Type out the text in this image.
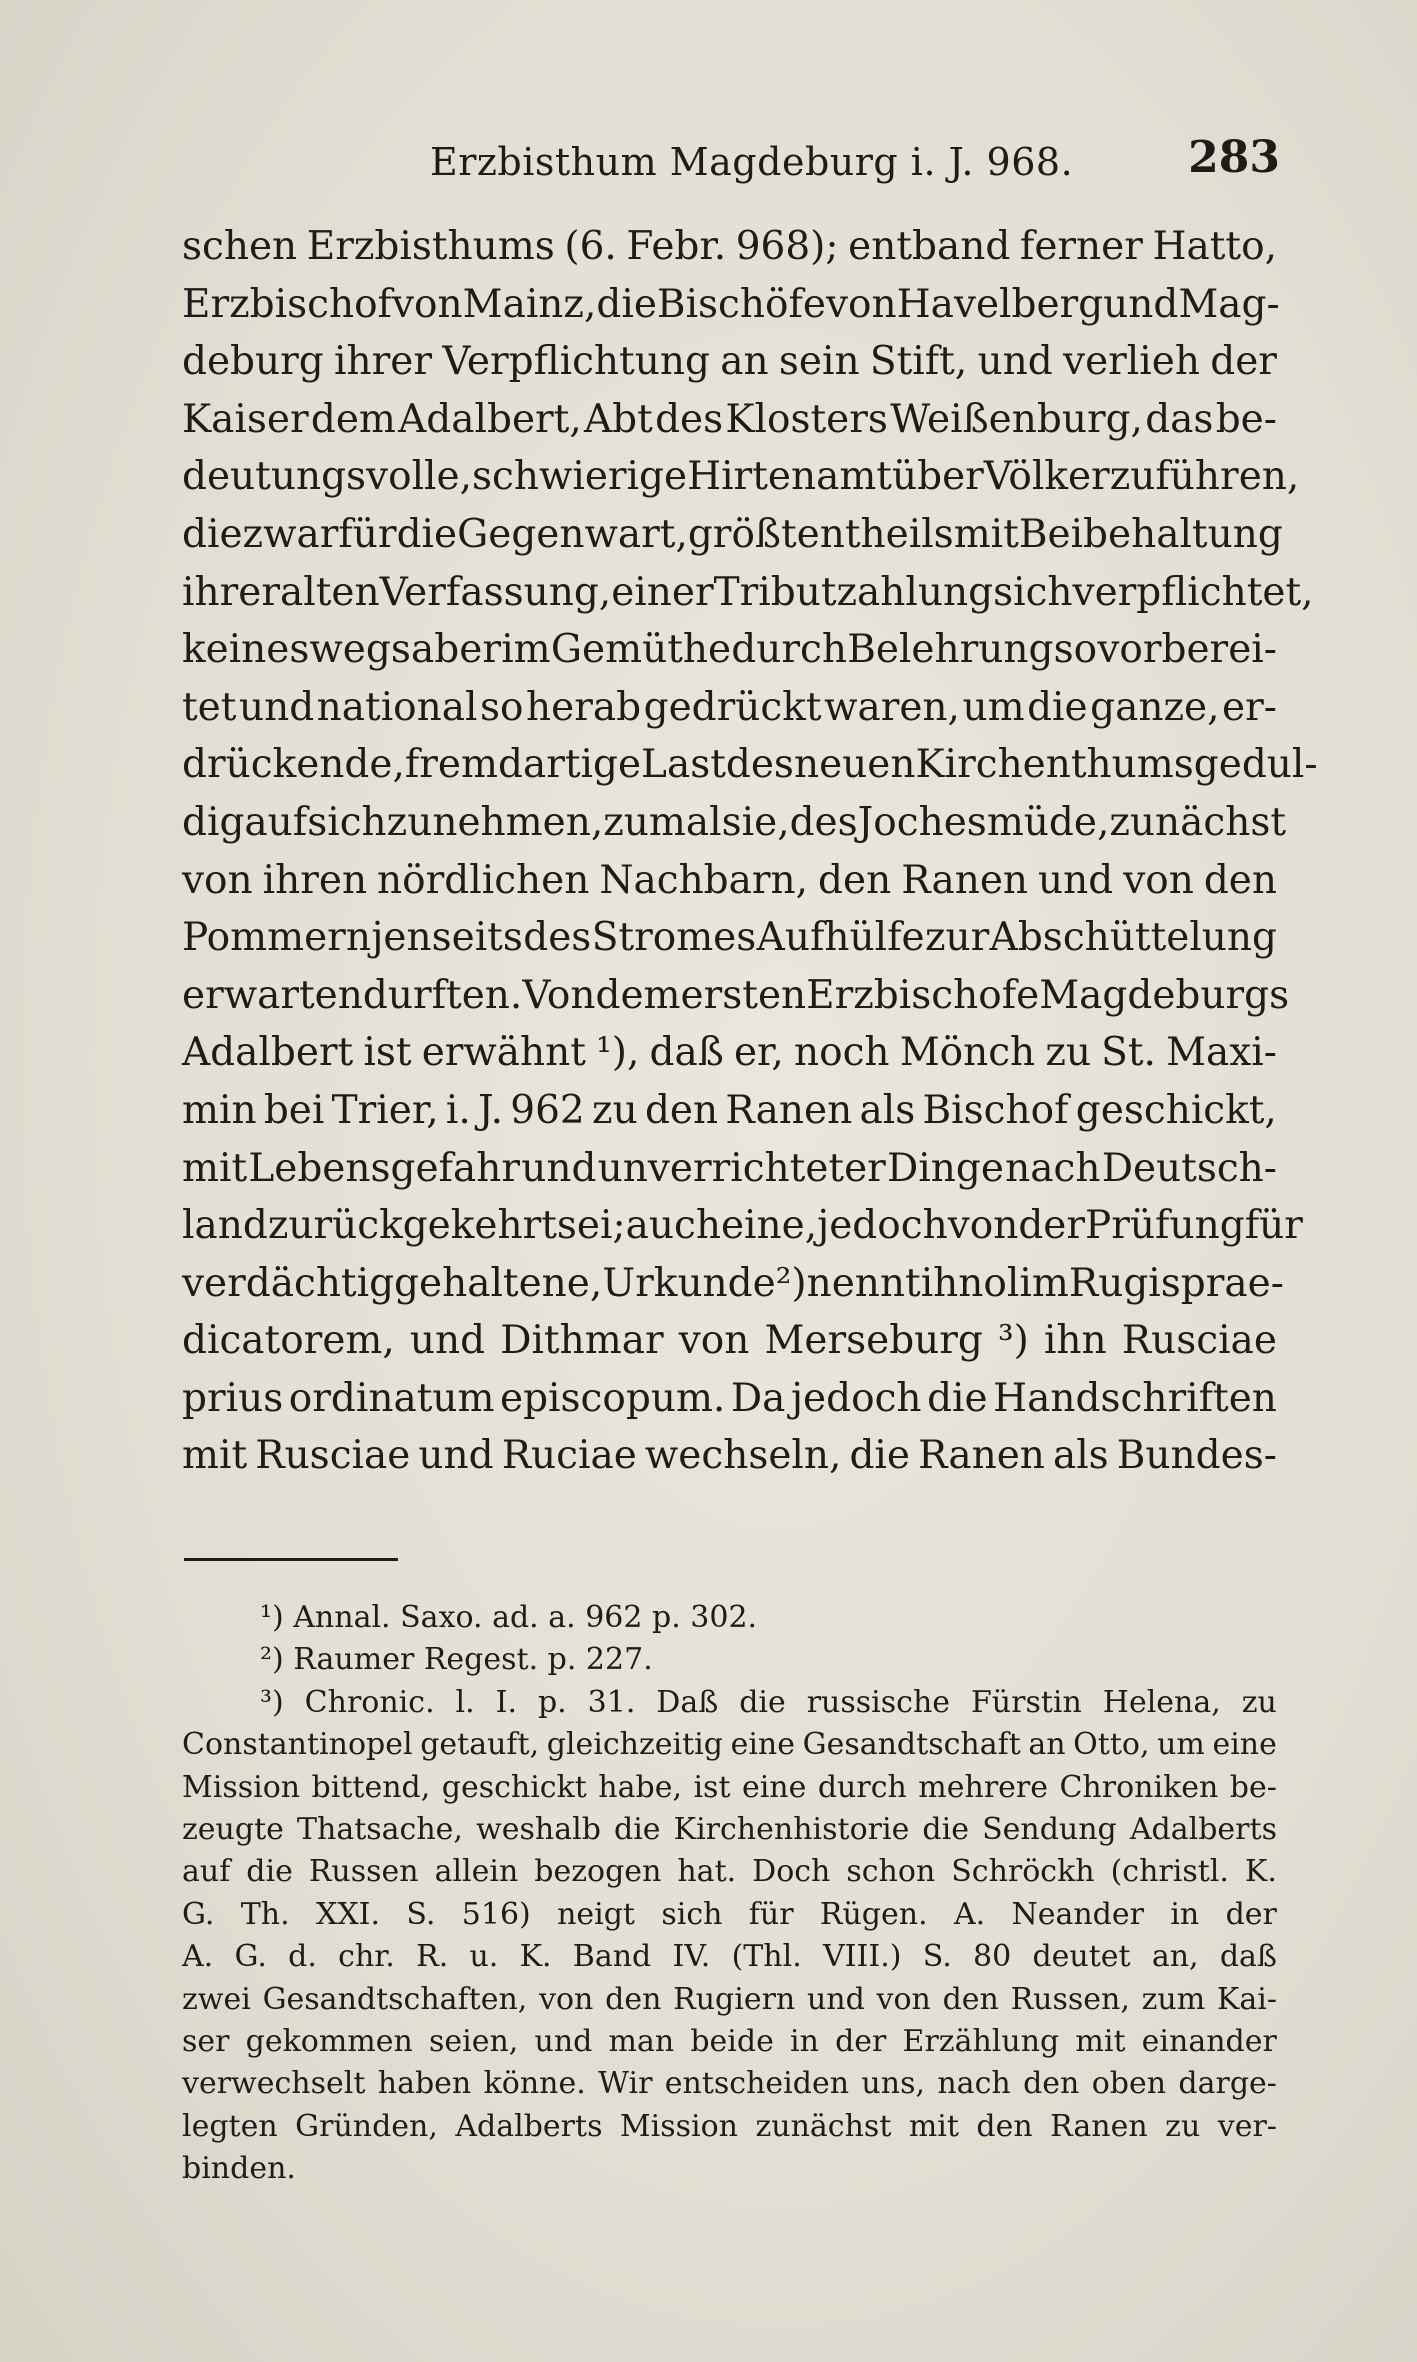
Erzbisthum Magdeburg i. J. 968.	283
schen Erzbisthums (6. Febr. 968); entband ferner Hatto,
Erzbischof von Mainz, die Bischöfe von Havelberg und Mag-
deburg ihrer Verpflichtung an sein Stift, und verlieh der
Kaiser dem Adalbert, Abt des Klosters Weißenburg, das be-
deutungsvolle, schwierige Hirtenamt über Völker zu führen,
die zwar für die Gegenwart, größtentheils mit Beibehaltung
ihrer alten Verfassung, einer Tributzahlung sich verpflichtet,
keineswegs aber im Gemüthe durch Belehrung so vorberei-
tet und national so herab gedrückt waren, um die ganze, er-
drückende, fremdartige Last des neuen Kirchenthums gedul-
dig auf sich zu nehmen, zumal sie, des Joches müde, zunächst
von ihren nördlichen Nachbarn, den Ranen und von den
Pommern jenseits des Stromes Aufhülfe zur Abschüttelung
erwarten durften. Von dem ersten Erzbischofe Magdeburgs
Adalbert ist erwähnt ¹), daß er, noch Mönch zu St. Maxi-
min bei Trier, i. J. 962 zu den Ranen als Bischof geschickt,
mit Lebensgefahr und unverrichteter Dinge nach Deutsch-
land zurückgekehrt sei; auch eine, jedoch von der Prüfung für
verdächtig gehaltene, Urkunde ²) nennt ihn olim Rugis prae-
dicatorem, und Dithmar von Merseburg ³) ihn Rusciae
prius ordinatum episcopum. Da jedoch die Handschriften
mit Rusciae und Ruciae wechseln, die Ranen als Bundes-
¹) Annal. Saxo. ad. a. 962 p. 302.
²) Raumer Regest. p. 227.
³) Chronic. l. I. p. 31. Daß die russische Fürstin Helena, zu
Constantinopel getauft, gleichzeitig eine Gesandtschaft an Otto, um eine
Mission bittend, geschickt habe, ist eine durch mehrere Chroniken be-
zeugte Thatsache, weshalb die Kirchenhistorie die Sendung Adalberts
auf die Russen allein bezogen hat. Doch schon Schröckh (christl. K.
G. Th. XXI. S. 516) neigt sich für Rügen. A. Neander in der
A. G. d. chr. R. u. K. Band IV. (Thl. VIII.) S. 80 deutet an, daß
zwei Gesandtschaften, von den Rugiern und von den Russen, zum Kai-
ser gekommen seien, und man beide in der Erzählung mit einander
verwechselt haben könne. Wir entscheiden uns, nach den oben darge-
legten Gründen, Adalberts Mission zunächst mit den Ranen zu ver-
binden.
